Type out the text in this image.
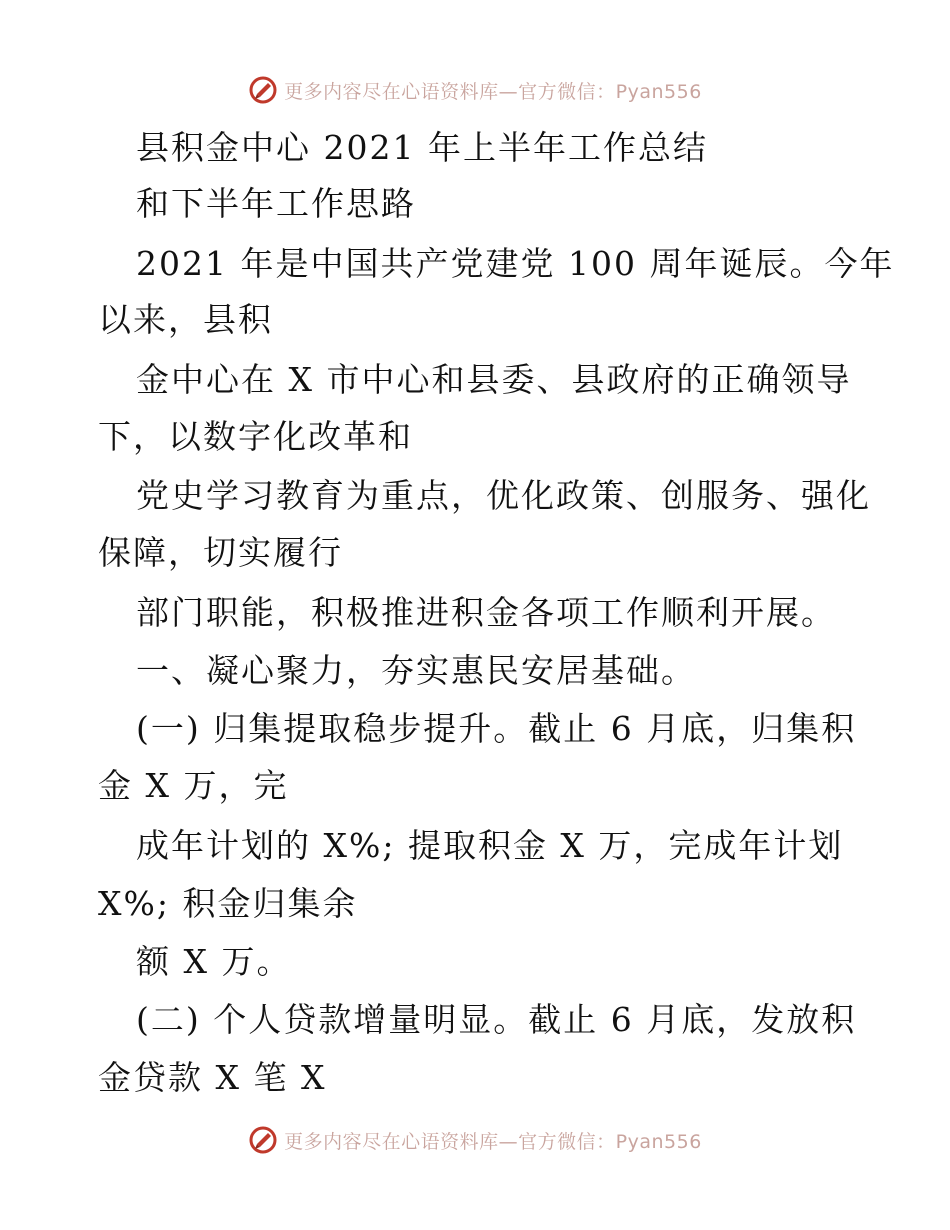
更多内容尽在心语资料库—官方微信：Pyan556
县积金中心 2021 年上半年工作总结
和下半年工作思路
2021 年是中国共产党建党 100 周年诞辰。今年
以来，县积
金中心在 X 市中心和县委、县政府的正确领导
下，以数字化改革和
党史学习教育为重点，优化政策、创服务、强化
保障，切实履行
部门职能，积极推进积金各项工作顺利开展。
一、凝心聚力，夯实惠民安居基础。
(一) 归集提取稳步提升。截止 6 月底，归集积
金 X 万，完
成年计划的 X%; 提取积金 X 万，完成年计划
X%; 积金归集余
额 X 万。
(二) 个人贷款增量明显。截止 6 月底，发放积
金贷款 X 笔 X
更多内容尽在心语资料库—官方微信：Pyan556
